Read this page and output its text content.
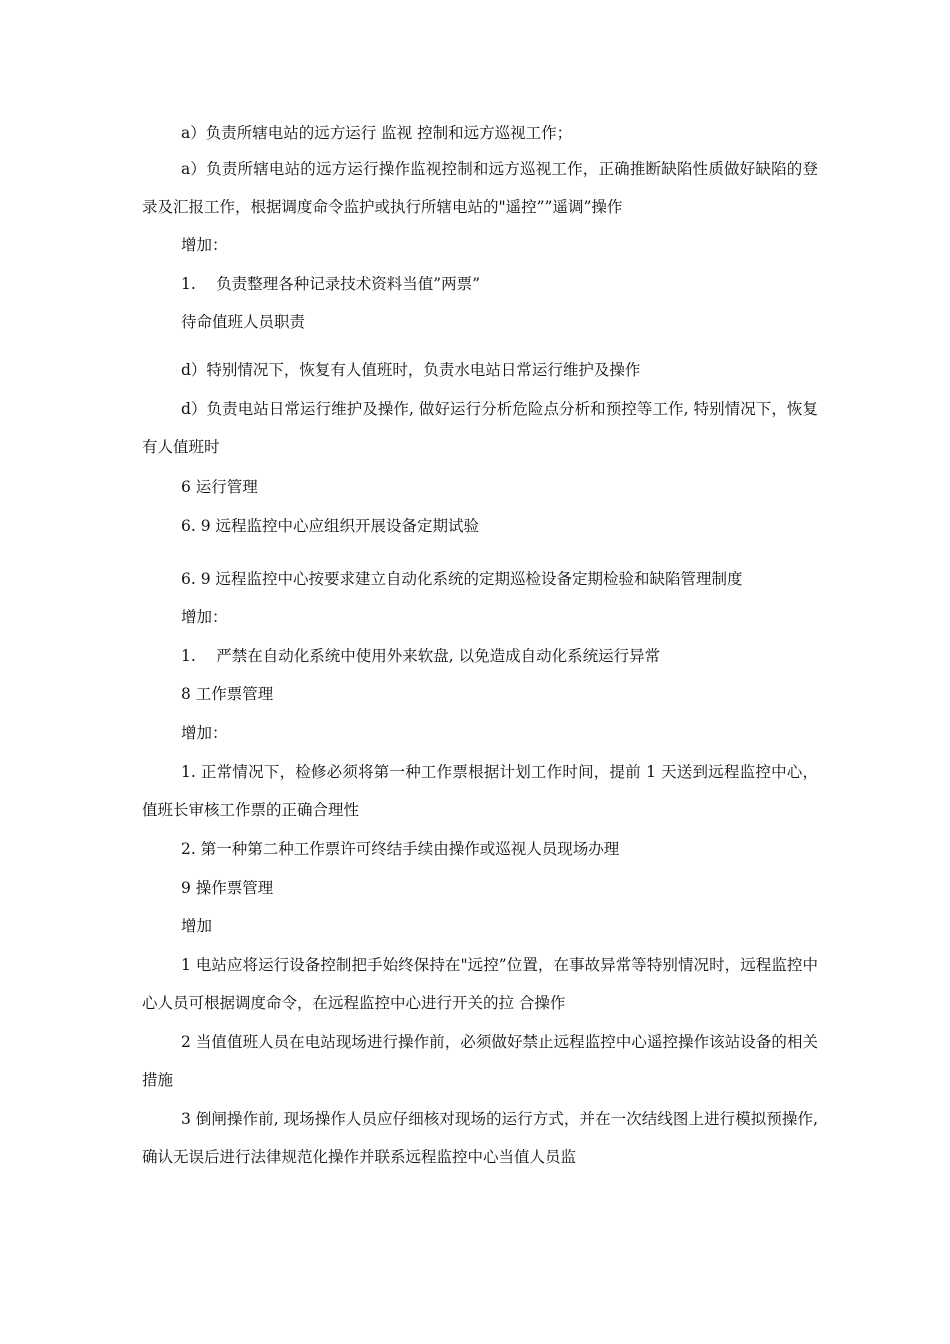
a）负责所辖电站的远方运行 监视 控制和远方巡视工作；

a）负责所辖电站的远方运行操作监视控制和远方巡视工作，正确推断缺陷性质做好缺陷的登录及汇报工作，根据调度命令监护或执行所辖电站的"遥控””遥调”操作

增加：

1.　 负责整理各种记录技术资料当值”两票”

待命值班人员职责

d）特别情况下，恢复有人值班时，负责水电站日常运行维护及操作

d）负责电站日常运行维护及操作, 做好运行分析危险点分析和预控等工作, 特别情况下，恢复有人值班时

6 运行管理

6. 9 远程监控中心应组织开展设备定期试验

6. 9 远程监控中心按要求建立自动化系统的定期巡检设备定期检验和缺陷管理制度

增加：

1.　 严禁在自动化系统中使用外来软盘, 以免造成自动化系统运行异常

8 工作票管理

增加：

1. 正常情况下，检修必须将第一种工作票根据计划工作时间，提前 1 天送到远程监控中心，值班长审核工作票的正确合理性

2. 第一种第二种工作票许可终结手续由操作或巡视人员现场办理

9 操作票管理

增加

1 电站应将运行设备控制把手始终保持在"远控”位置，在事故异常等特别情况时，远程监控中心人员可根据调度命令，在远程监控中心进行开关的拉 合操作

2 当值值班人员在电站现场进行操作前，必须做好禁止远程监控中心遥控操作该站设备的相关措施

3 倒闸操作前, 现场操作人员应仔细核对现场的运行方式，并在一次结线图上进行模拟预操作, 确认无误后进行法律规范化操作并联系远程监控中心当值人员监
